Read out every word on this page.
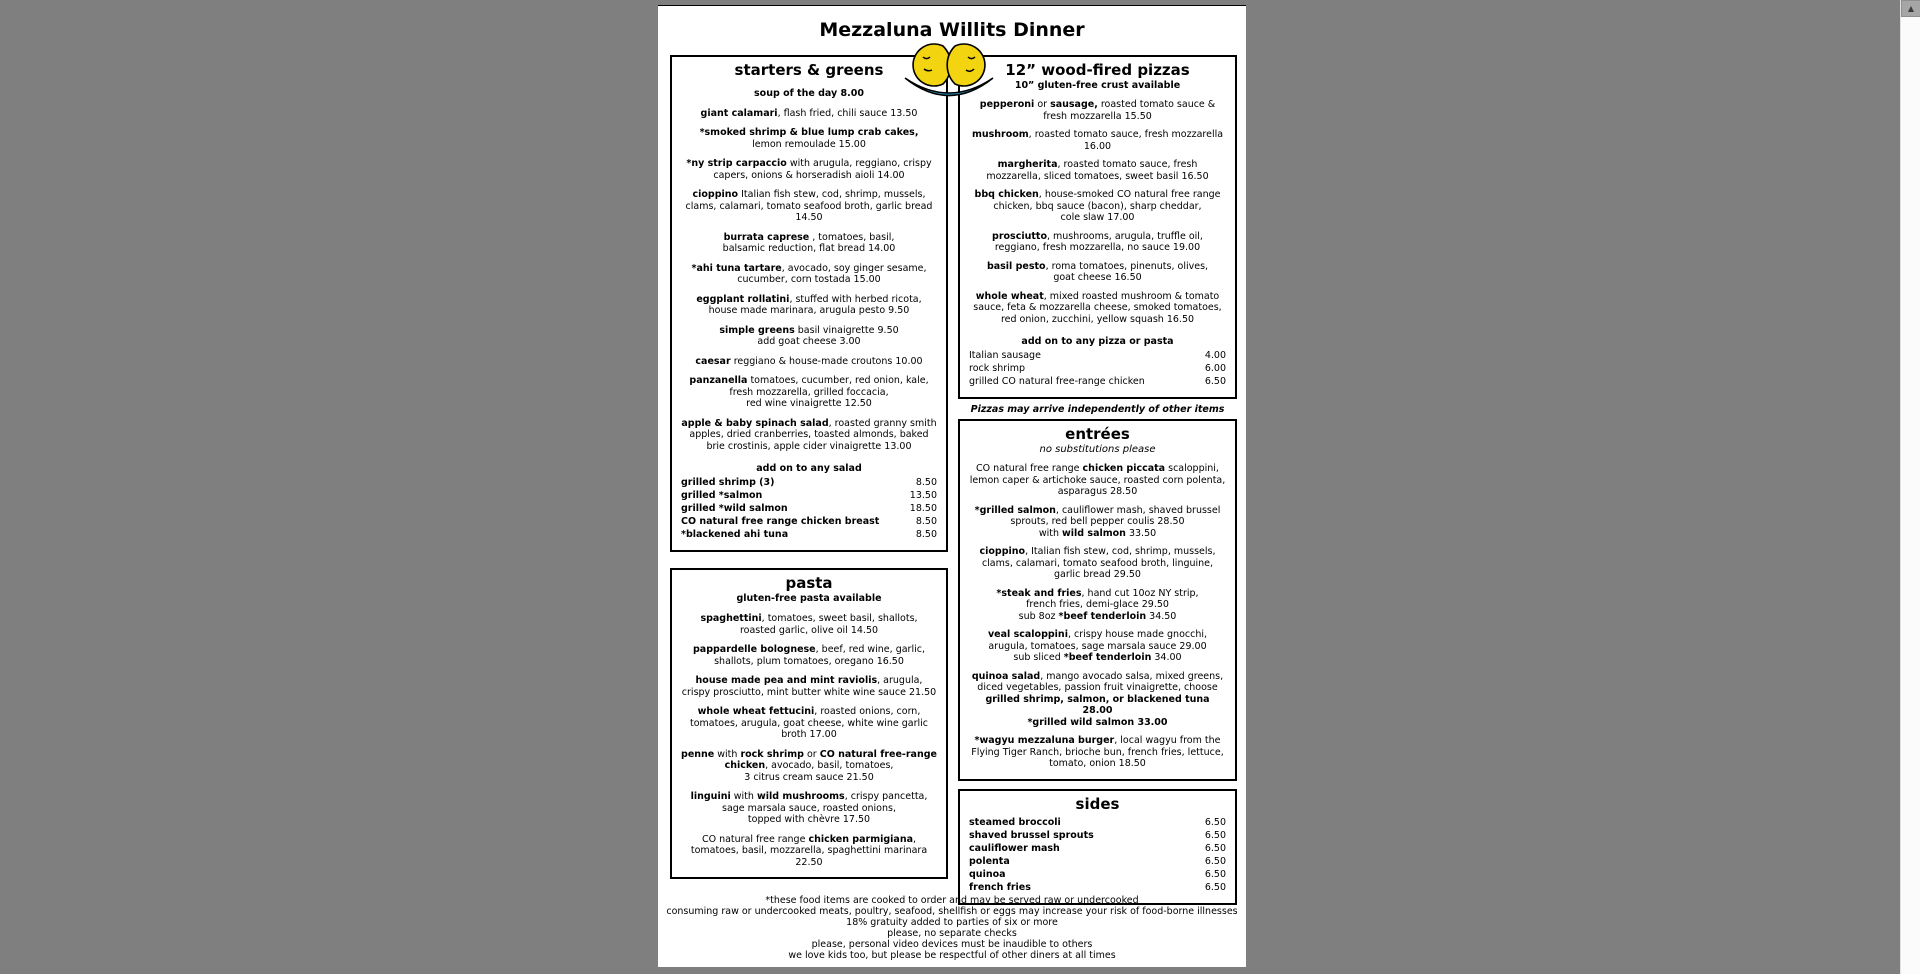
Mezzaluna Willits Dinner
starters & greens

soup of the day 8.00

giant calamari, flash fried, chili sauce 13.50

*smoked shrimp & blue lump crab cakes,
lemon remoulade 15.00

*ny strip carpaccio with arugula, reggiano, crispy capers, onions & horseradish aioli 14.00

cioppino Italian fish stew, cod, shrimp, mussels, clams, calamari, tomato seafood broth, garlic bread 14.50

burrata caprese , tomatoes, basil,
balsamic reduction, flat bread 14.00

*ahi tuna tartare, avocado, soy ginger sesame,
cucumber, corn tostada 15.00

eggplant rollatini, stuffed with herbed ricota,
house made marinara, arugula pesto 9.50

simple greens basil vinaigrette 9.50
add goat cheese 3.00

caesar reggiano & house-made croutons 10.00

panzanella tomatoes, cucumber, red onion, kale,
fresh mozzarella, grilled foccacia,
red wine vinaigrette 12.50

apple & baby spinach salad, roasted granny smith apples, dried cranberries, toasted almonds, baked brie crostinis, apple cider vinaigrette 13.00

add on to any salad
grilled shrimp (3)	8.50
grilled *salmon	13.50
grilled *wild salmon	18.50
CO natural free range chicken breast	8.50
*blackened ahi tuna	8.50
pasta
gluten-free pasta available

spaghettini, tomatoes, sweet basil, shallots,
roasted garlic, olive oil 14.50

pappardelle bolognese, beef, red wine, garlic,
shallots, plum tomatoes, oregano 16.50

house made pea and mint raviolis, arugula, crispy prosciutto, mint butter white wine sauce 21.50

whole wheat fettucini, roasted onions, corn, tomatoes, arugula, goat cheese, white wine garlic broth 17.00

penne with rock shrimp or CO natural free-range chicken, avocado, basil, tomatoes,
3 citrus cream sauce 21.50

linguini with wild mushrooms, crispy pancetta,
sage marsala sauce, roasted onions,
topped with chèvre 17.50

CO natural free range chicken parmigiana,
tomatoes, basil, mozzarella, spaghettini marinara
22.50

12” wood-fired pizzas
10” gluten-free crust available

pepperoni or sausage, roasted tomato sauce & fresh mozzarella 15.50

mushroom, roasted tomato sauce, fresh mozzarella
16.00

margherita, roasted tomato sauce, fresh mozzarella, sliced tomatoes, sweet basil 16.50

bbq chicken, house-smoked CO natural free range chicken, bbq sauce (bacon), sharp cheddar,
cole slaw 17.00

prosciutto, mushrooms, arugula, truffle oil,
reggiano, fresh mozzarella, no sauce 19.00

basil pesto, roma tomatoes, pinenuts, olives,
goat cheese 16.50

whole wheat, mixed roasted mushroom & tomato sauce, feta & mozzarella cheese, smoked tomatoes, red onion, zucchini, yellow squash 16.50

add on to any pizza or pasta
Italian sausage	4.00
rock shrimp	6.00
grilled CO natural free-range chicken	6.50
Pizzas may arrive independently of other items
entrées
no substitutions please

CO natural free range chicken piccata scaloppini, lemon caper & artichoke sauce, roasted corn polenta, asparagus 28.50

*grilled salmon, cauliflower mash, shaved brussel sprouts, red bell pepper coulis 28.50
with wild salmon 33.50

cioppino, Italian fish stew, cod, shrimp, mussels, clams, calamari, tomato seafood broth, linguine, garlic bread 29.50

*steak and fries, hand cut 10oz NY strip,
french fries, demi-glace 29.50
sub 8oz *beef tenderloin 34.50

veal scaloppini, crispy house made gnocchi,
arugula, tomatoes, sage marsala sauce 29.00
sub sliced *beef tenderloin 34.00

quinoa salad, mango avocado salsa, mixed greens, diced vegetables, passion fruit vinaigrette, choose grilled shrimp, salmon, or blackened tuna 28.00
*grilled wild salmon 33.00

*wagyu mezzaluna burger, local wagyu from the Flying Tiger Ranch, brioche bun, french fries, lettuce, tomato, onion 18.50

sides
steamed broccoli	6.50
shaved brussel sprouts	6.50
cauliflower mash	6.50
polenta	6.50
quinoa	6.50
french fries	6.50
*these food items are cooked to order and may be served raw or undercooked
consuming raw or undercooked meats, poultry, seafood, shellfish or eggs may increase your risk of food-borne illnesses
18% gratuity added to parties of six or more
please, no separate checks
please, personal video devices must be inaudible to others
we love kids too, but please be respectful of other diners at all times
▲
